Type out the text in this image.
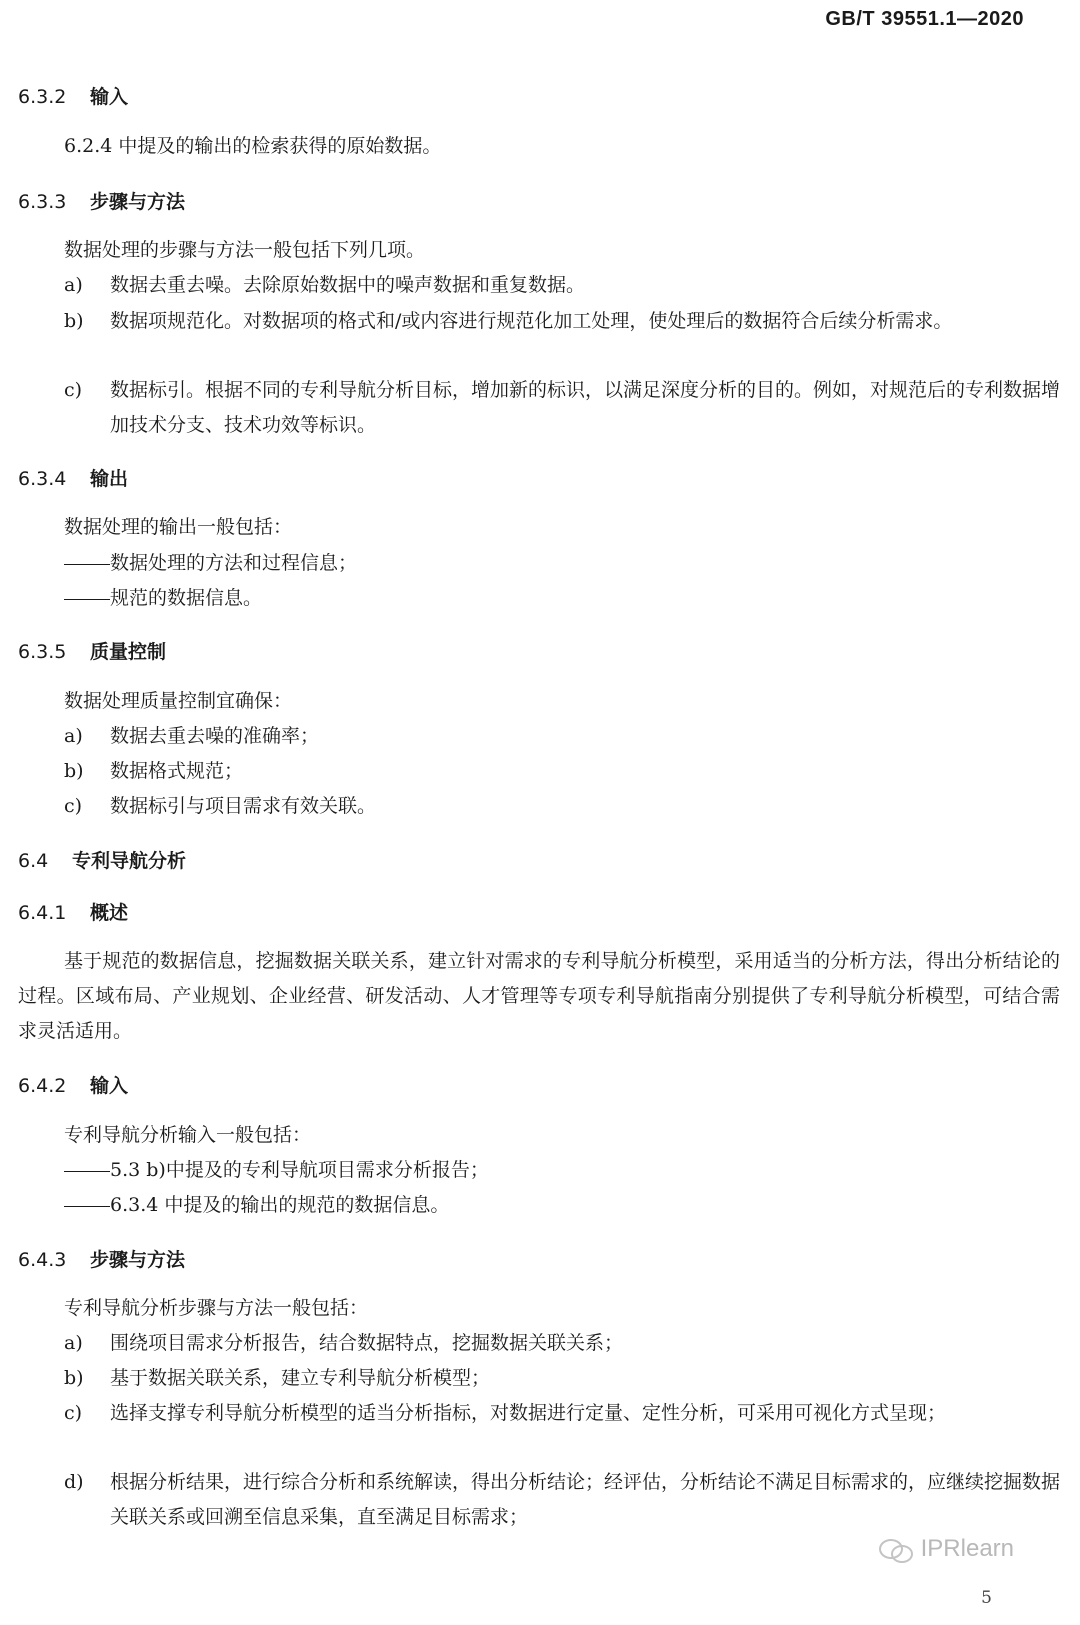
GB/T 39551.1—2020
6.3.2 输入
6.2.4 中提及的输出的检索获得的原始数据。
6.3.3 步骤与方法
数据处理的步骤与方法一般包括下列几项。
a) 数据去重去噪。去除原始数据中的噪声数据和重复数据。
b) 数据项规范化。对数据项的格式和/或内容进行规范化加工处理，使处理后的数据符合后续分析需求。
c) 数据标引。根据不同的专利导航分析目标，增加新的标识，以满足深度分析的目的。例如，对规范后的专利数据增加技术分支、技术功效等标识。
6.3.4 输出
数据处理的输出一般包括：
数据处理的方法和过程信息；
规范的数据信息。
6.3.5 质量控制
数据处理质量控制宜确保：
a) 数据去重去噪的准确率；
b) 数据格式规范；
c) 数据标引与项目需求有效关联。
6.4 专利导航分析
6.4.1 概述
基于规范的数据信息，挖掘数据关联关系，建立针对需求的专利导航分析模型，采用适当的分析方法，得出分析结论的过程。区域布局、产业规划、企业经营、研发活动、人才管理等专项专利导航指南分别提供了专利导航分析模型，可结合需求灵活适用。
6.4.2 输入
专利导航分析输入一般包括：
5.3 b)中提及的专利导航项目需求分析报告；
6.3.4 中提及的输出的规范的数据信息。
6.4.3 步骤与方法
专利导航分析步骤与方法一般包括：
a) 围绕项目需求分析报告，结合数据特点，挖掘数据关联关系；
b) 基于数据关联关系，建立专利导航分析模型；
c) 选择支撑专利导航分析模型的适当分析指标，对数据进行定量、定性分析，可采用可视化方式呈现；
d) 根据分析结果，进行综合分析和系统解读，得出分析结论；经评估，分析结论不满足目标需求的，应继续挖掘数据关联关系或回溯至信息采集，直至满足目标需求；
IPRlearn
5
